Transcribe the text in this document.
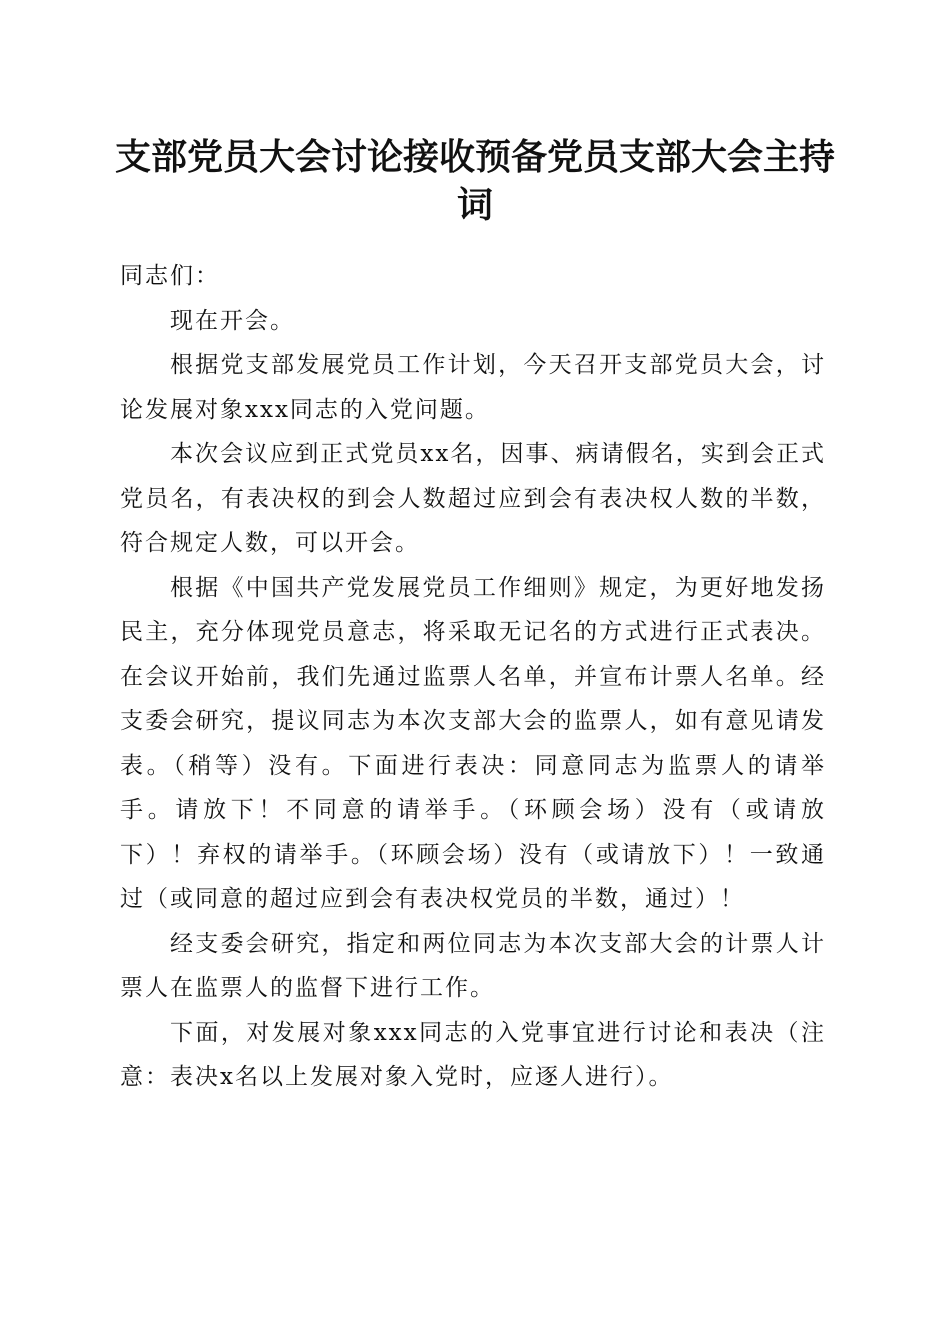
支部党员大会讨论接收预备党员支部大会主持词

同志们：

现在开会。

根据党支部发展党员工作计划，今天召开支部党员大会，讨论发展对象xxx同志的入党问题。

本次会议应到正式党员xx名，因事、病请假名，实到会正式党员名，有表决权的到会人数超过应到会有表决权人数的半数，符合规定人数，可以开会。

根据《中国共产党发展党员工作细则》规定，为更好地发扬民主，充分体现党员意志，将采取无记名的方式进行正式表决。在会议开始前，我们先通过监票人名单，并宣布计票人名单。经支委会研究，提议同志为本次支部大会的监票人，如有意见请发表。（稍等）没有。下面进行表决：同意同志为监票人的请举手。请放下！不同意的请举手。（环顾会场）没有（或请放下）！弃权的请举手。（环顾会场）没有（或请放下）！一致通过（或同意的超过应到会有表决权党员的半数，通过）！

经支委会研究，指定和两位同志为本次支部大会的计票人计票人在监票人的监督下进行工作。

下面，对发展对象xxx同志的入党事宜进行讨论和表决（注意：表决x名以上发展对象入党时，应逐人进行）。
